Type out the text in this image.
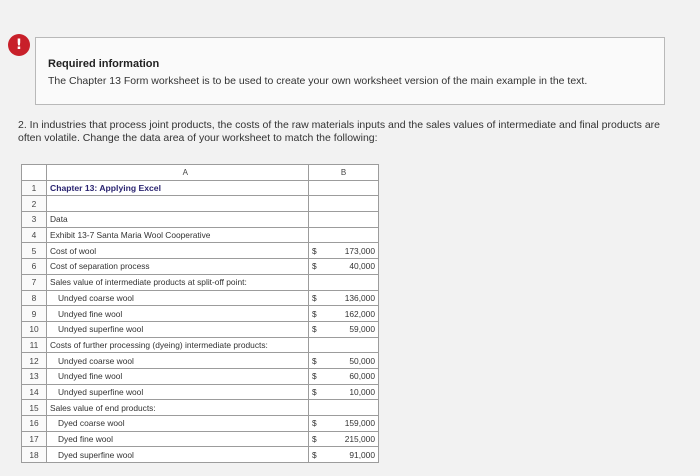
!
Required information
The Chapter 13 Form worksheet is to be used to create your own worksheet version of the main example in the text.
2. In industries that process joint products, the costs of the raw materials inputs and the sales values of intermediate and final products are often volatile. Change the data area of your worksheet to match the following:
	A	B
1	Chapter 13: Applying Excel	

2		

3	Data	

4	Exhibit 13-7 Santa Maria Wool Cooperative	

5	Cost of wool	$ 173,000

6	Cost of separation process	$ 40,000

7	Sales value of intermediate products at split-off point:	

8	Undyed coarse wool	$ 136,000

9	Undyed fine wool	$ 162,000

10	Undyed superfine wool	$ 59,000

11	Costs of further processing (dyeing) intermediate products:	

12	Undyed coarse wool	$ 50,000

13	Undyed fine wool	$ 60,000

14	Undyed superfine wool	$ 10,000

15	Sales value of end products:	

16	Dyed coarse wool	$ 159,000

17	Dyed fine wool	$ 215,000

18	Dyed superfine wool	$ 91,000
